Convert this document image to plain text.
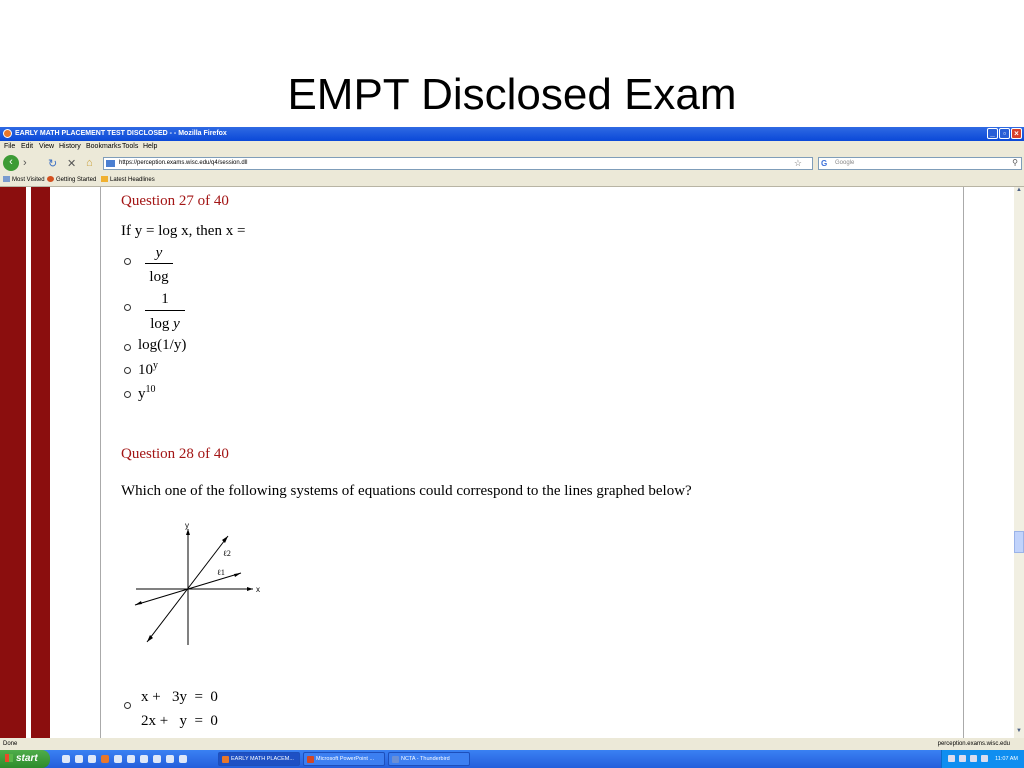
EMPT Disclosed Exam
EARLY MATH PLACEMENT TEST DISCLOSED - - Mozilla Firefox	_	▫	×
File Edit View History Bookmarks Tools Help
‹ › ↻ ✕ ⌂	https://perception.exams.wisc.edu/q4/session.dll	☆ G Google	⚲
Most Visited	Getting Started	Latest Headlines
Question 27 of 40
If y = log x, then x =
y
log
1
log y
log(1/y)
10$^y$
$y^{10}$
Question 28 of 40
Which one of the following systems of equations could correspond to the lines graphed below?
y
x
ℓ2
ℓ1
x +   3y  =  0
2x +   y  =  0
▲
▼
Done	perception.exams.wisc.edu
start	EARLY MATH PLACEM...	Microsoft PowerPoint ...	NCTA - Thunderbird	11:07 AM
